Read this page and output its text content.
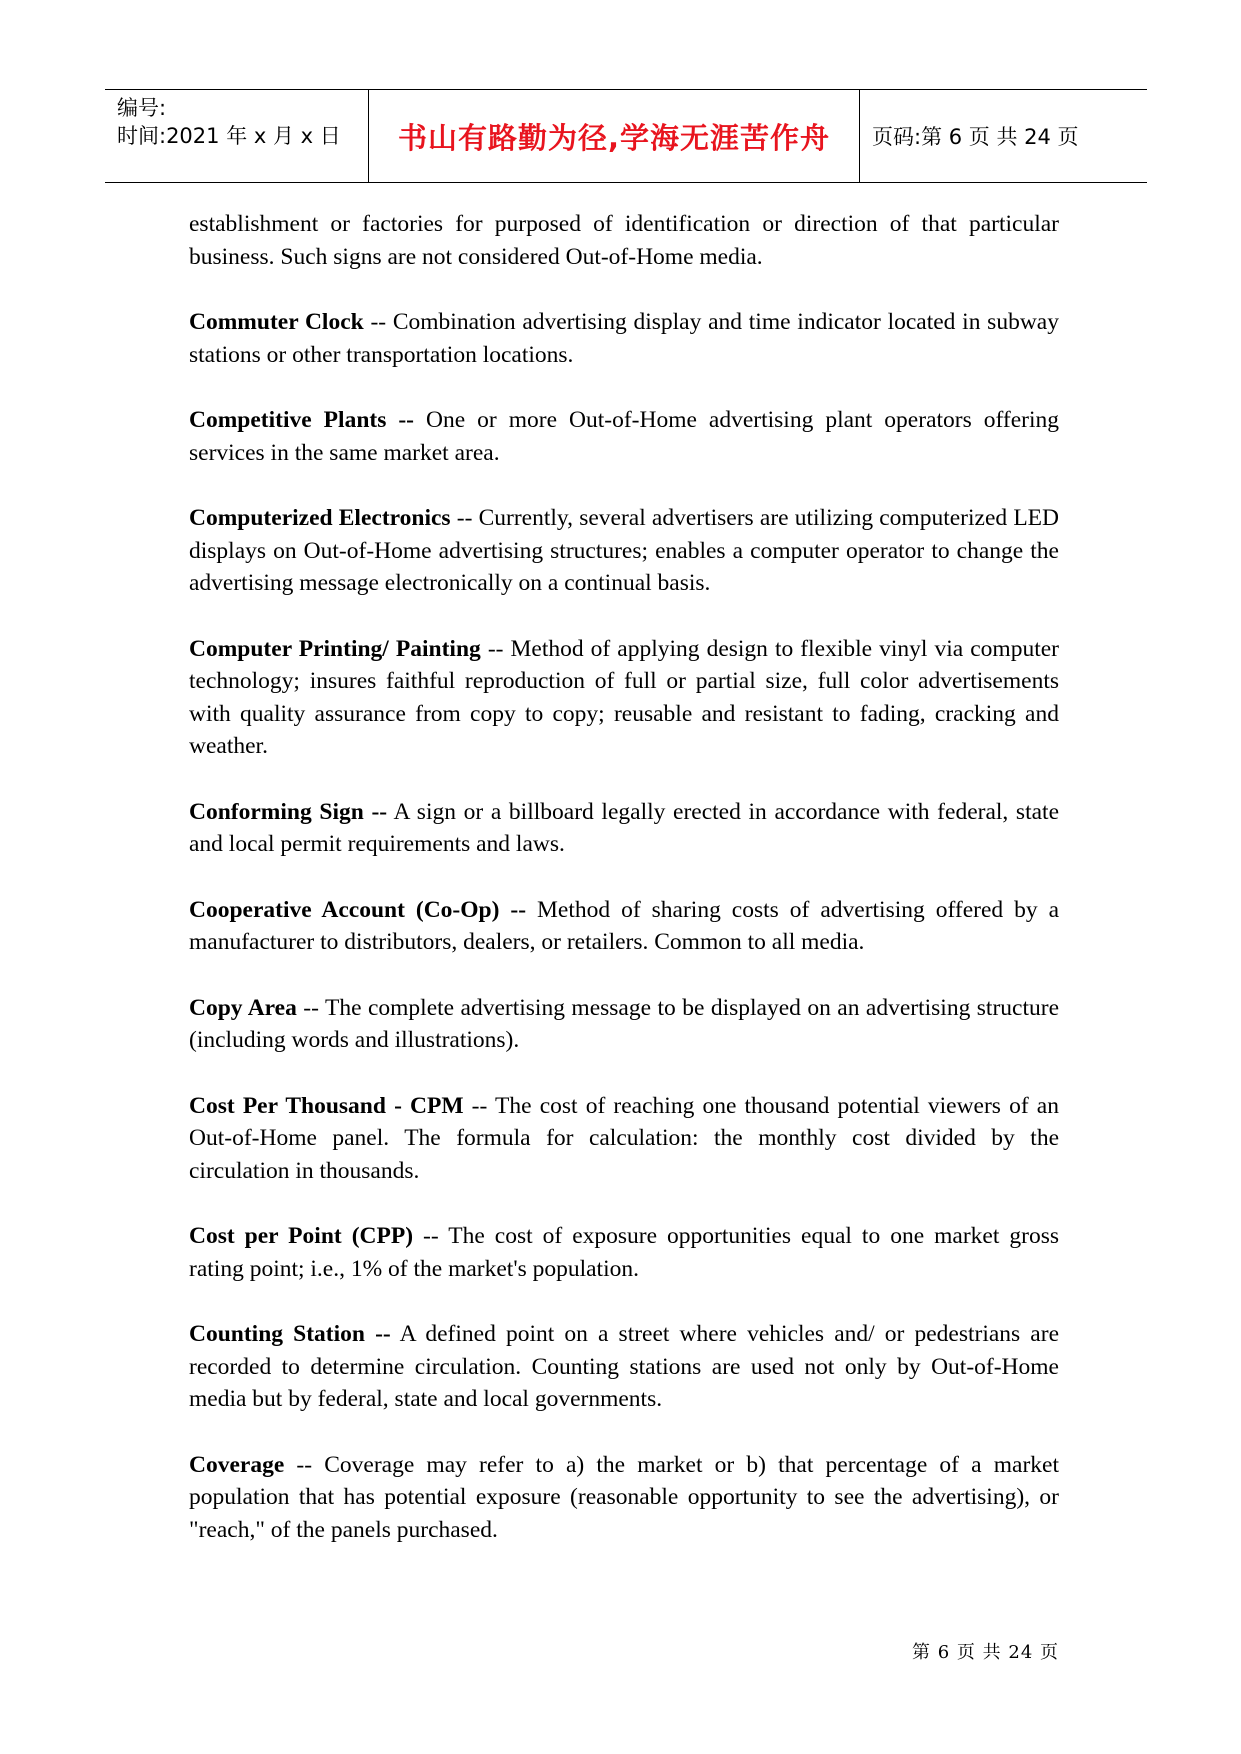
编号:
时间:2021 年 x 月 x 日	书山有路勤为径,学海无涯苦作舟	页码:第 6 页 共 24 页

establishment or factories for purposed of identification or direction of that particular business. Such signs are not considered Out-of-Home media.

Commuter Clock -- Combination advertising display and time indicator located in subway stations or other transportation locations.

Competitive Plants -- One or more Out-of-Home advertising plant operators offering services in the same market area.

Computerized Electronics -- Currently, several advertisers are utilizing computerized LED displays on Out-of-Home advertising structures; enables a computer operator to change the advertising message electronically on a continual basis.

Computer Printing/ Painting -- Method of applying design to flexible vinyl via computer technology; insures faithful reproduction of full or partial size, full color advertisements with quality assurance from copy to copy; reusable and resistant to fading, cracking and weather.

Conforming Sign -- A sign or a billboard legally erected in accordance with federal, state and local permit requirements and laws.

Cooperative Account (Co-Op) -- Method of sharing costs of advertising offered by a manufacturer to distributors, dealers, or retailers. Common to all media.

Copy Area -- The complete advertising message to be displayed on an advertising structure (including words and illustrations).

Cost Per Thousand - CPM -- The cost of reaching one thousand potential viewers of an Out-of-Home panel. The formula for calculation: the monthly cost divided by the circulation in thousands.

Cost per Point (CPP) -- The cost of exposure opportunities equal to one market gross rating point; i.e., 1% of the market's population.

Counting Station -- A defined point on a street where vehicles and/ or pedestrians are recorded to determine circulation. Counting stations are used not only by Out-of-Home media but by federal, state and local governments.

Coverage -- Coverage may refer to a) the market or b) that percentage of a market population that has potential exposure (reasonable opportunity to see the advertising), or "reach," of the panels purchased.

第 6 页 共 24 页
